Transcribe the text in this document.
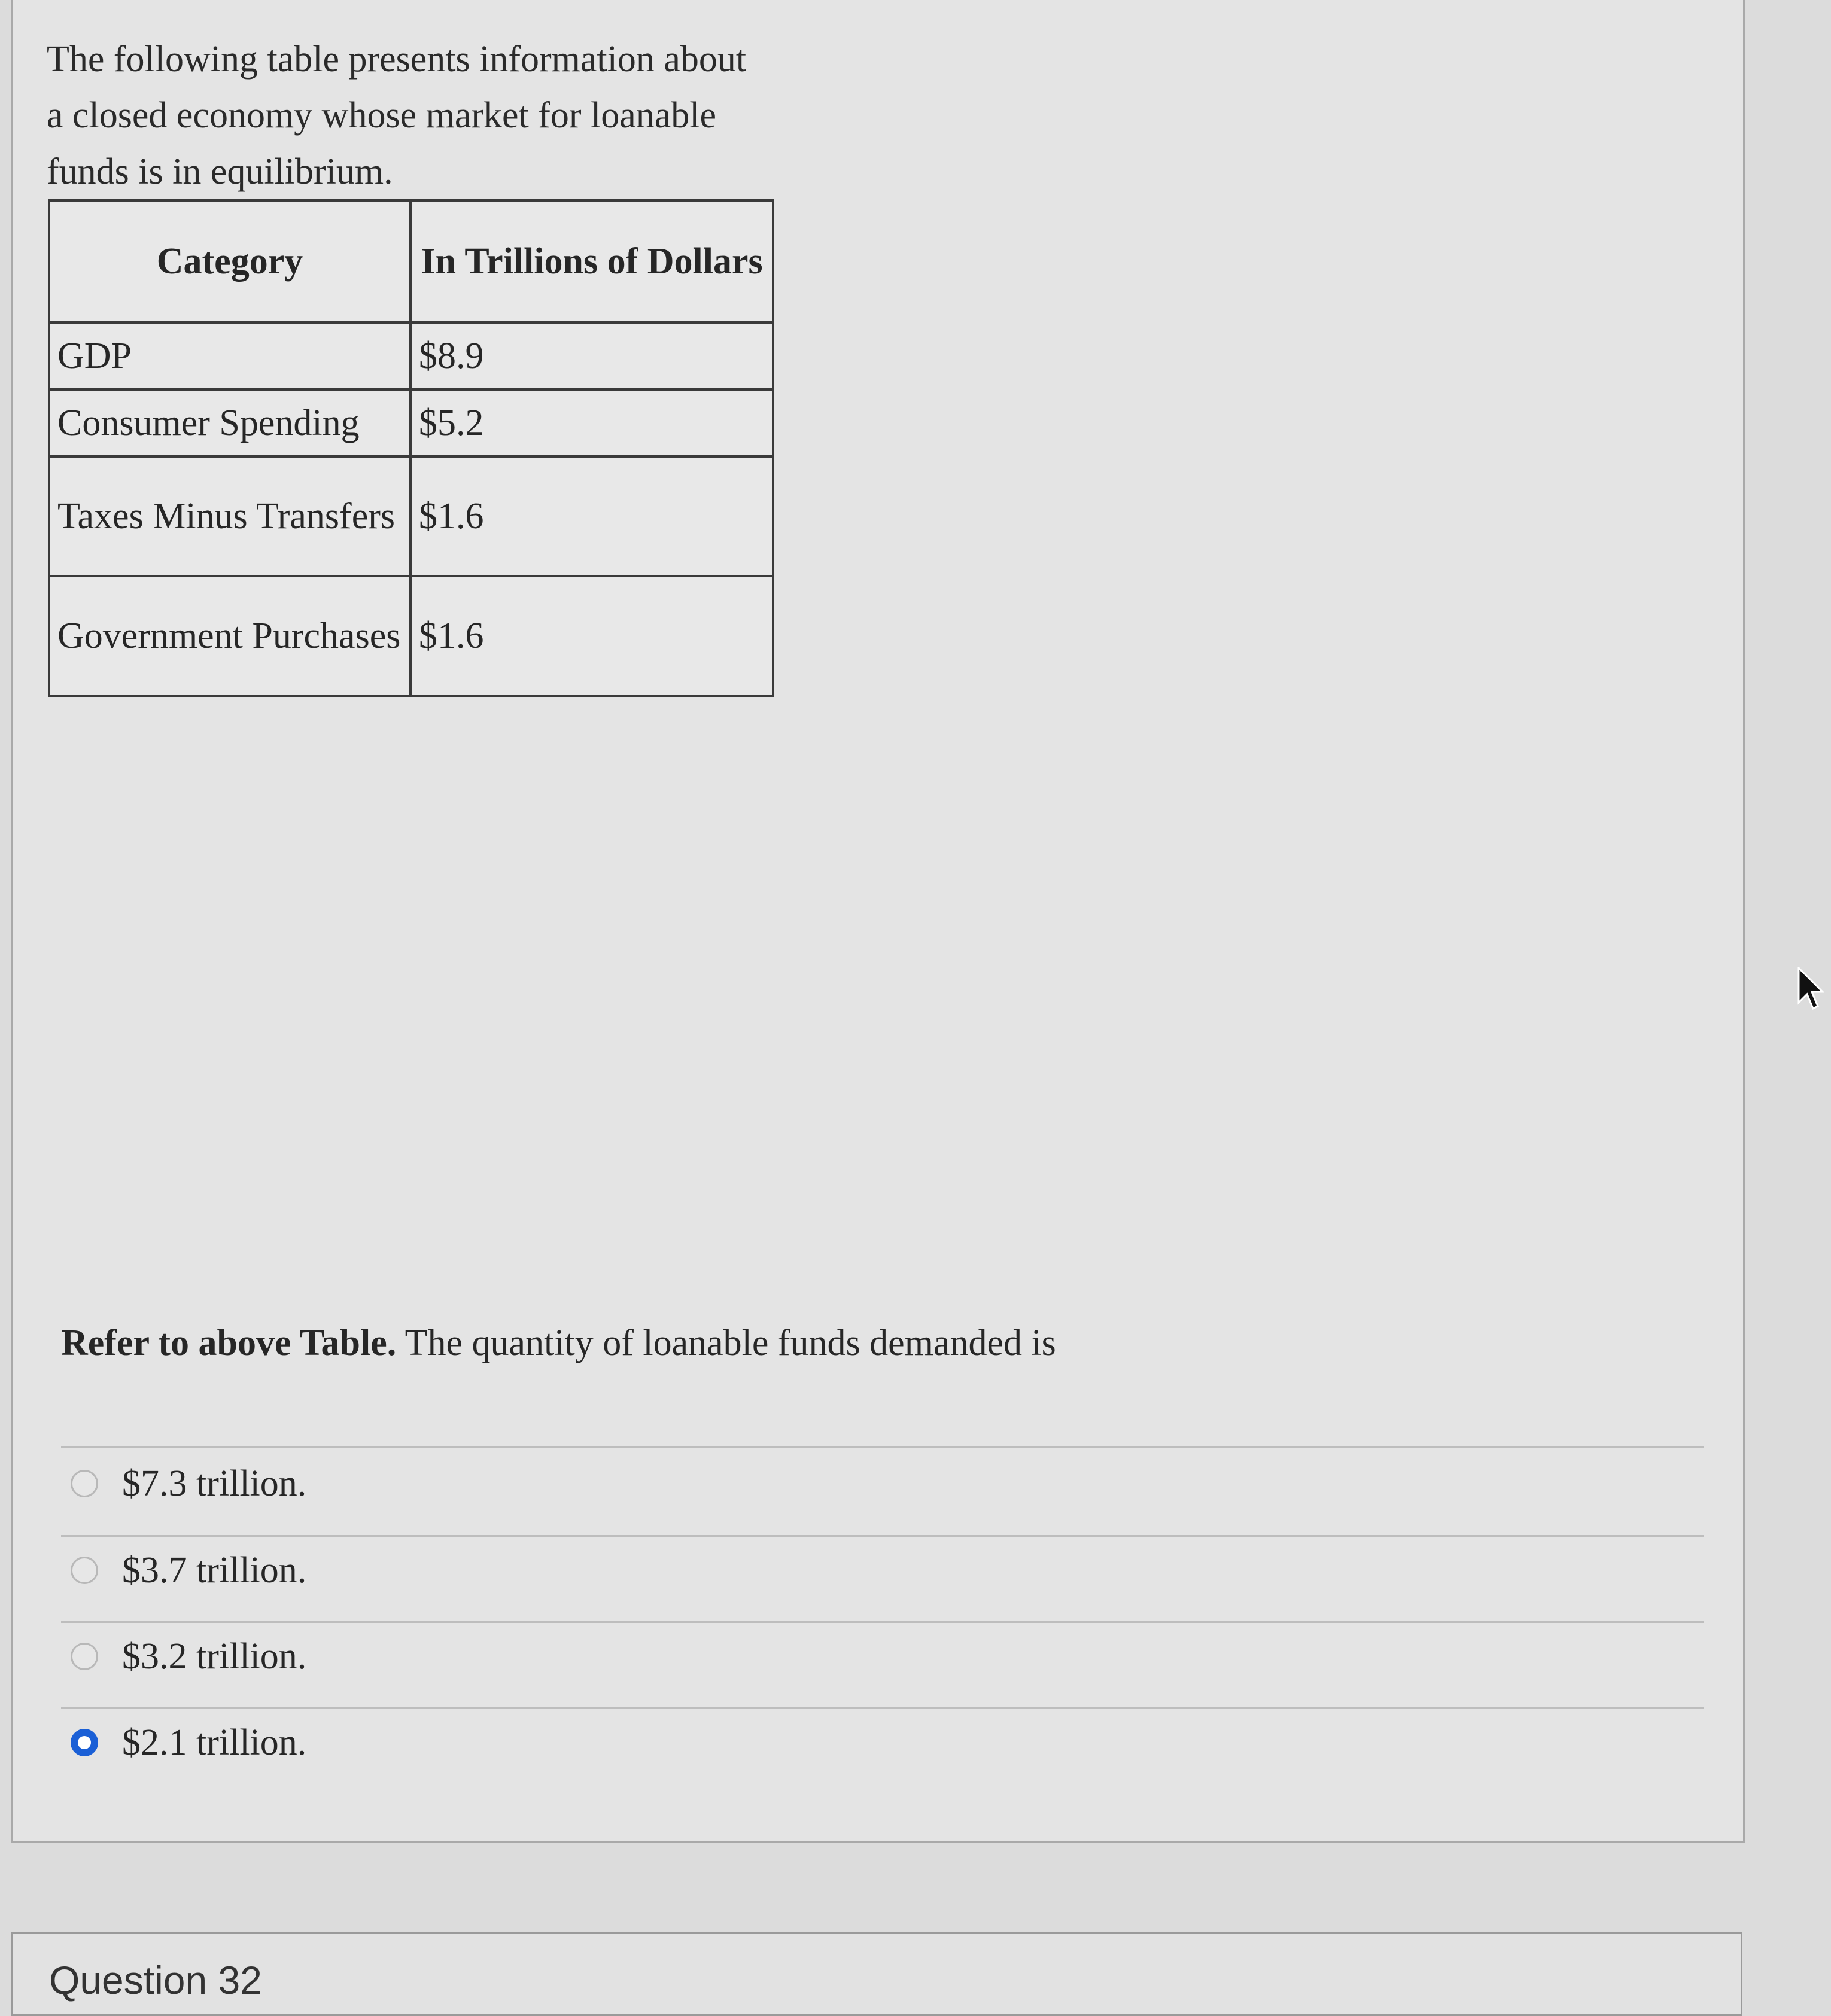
The following table presents information about a closed economy whose market for loanable funds is in equilibrium.
Category	In Trillions of Dollars
GDP	$8.9
Consumer Spending	$5.2
Taxes Minus Transfers	$1.6
Government Purchases	$1.6
Refer to above Table. The quantity of loanable funds demanded is
$7.3 trillion.
$3.7 trillion.
$3.2 trillion.
$2.1 trillion.
Question 32
